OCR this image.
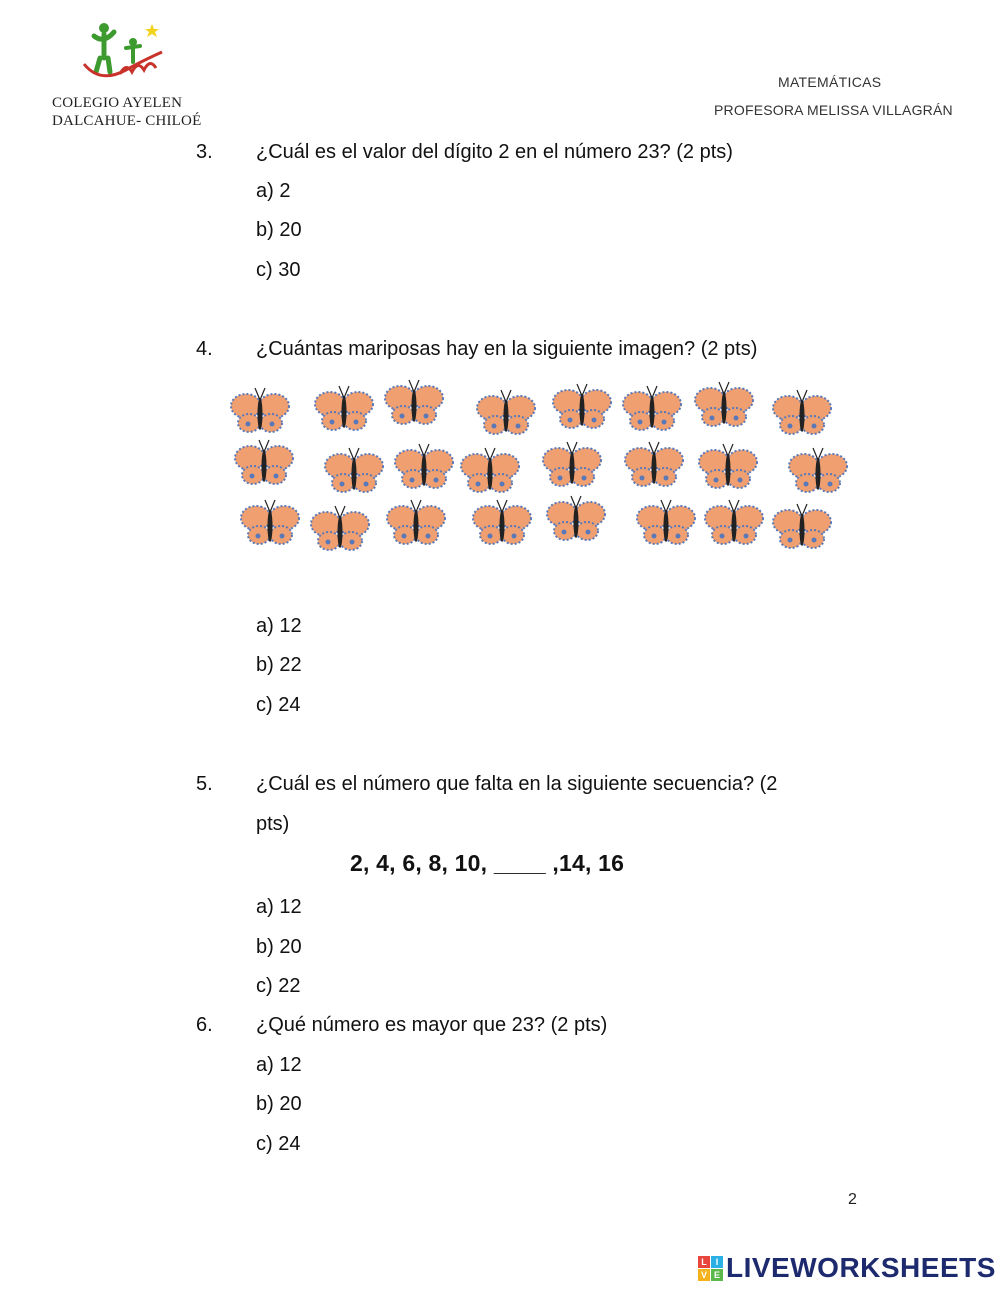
COLEGIO AYELEN
DALCAHUE- CHILOÉ
MATEMÁTICAS
PROFESORA MELISSA VILLAGRÁN
3. ¿Cuál es el valor del dígito 2 en el número 23? (2 pts)
a) 2
b) 20
c) 30
4. ¿Cuántas mariposas hay en la siguiente imagen? (2 pts)
a) 12
b) 22
c) 24
5. ¿Cuál es el número que falta en la siguiente secuencia? (2
pts)
2, 4, 6, 8, 10, ____ ,14, 16
a) 12
b) 20
c) 22
6. ¿Qué número es mayor que 23? (2 pts)
a) 12
b) 20
c) 24
2
L I
V E LIVEWORKSHEETS
